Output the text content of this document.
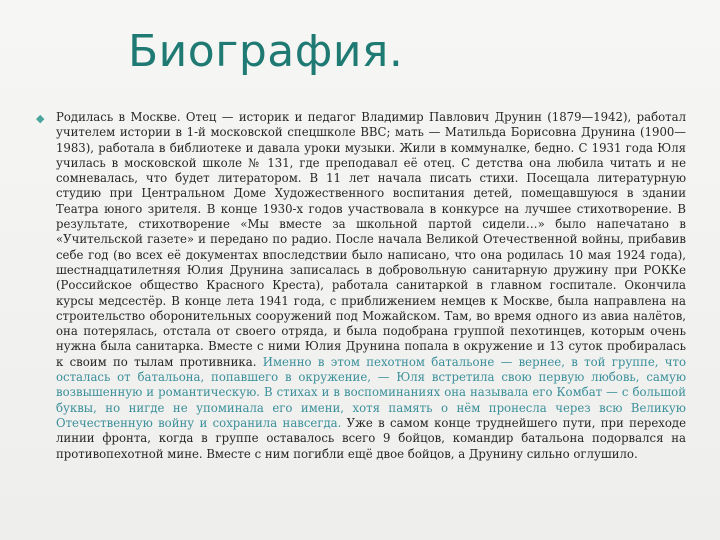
Биография.
◆ Родилась в Москве. Отец — историк и педагог Владимир Павлович Друнин (1879—1942), работал учителем истории в 1-й московской спецшколе ВВС; мать — Матильда Борисовна Друнина (1900—1983), работала в библиотеке и давала уроки музыки. Жили в коммуналке, бедно. С 1931 года Юля училась в московской школе № 131, где преподавал её отец. С детства она любила читать и не сомневалась, что будет литератором. В 11 лет начала писать стихи. Посещала литературную студию при Центральном Доме Художественного воспитания детей, помещавшуюся в здании Театра юного зрителя. В конце 1930-х годов участвовала в конкурсе на лучшее стихотворение. В результате, стихотворение «Мы вместе за школьной партой сидели…» было напечатано в «Учительской газете» и передано по радио. После начала Великой Отечественной войны, прибавив себе год (во всех её документах впоследствии было написано, что она родилась 10 мая 1924 года), шестнадцатилетняя Юлия Друнина записалась в добровольную санитарную дружину при РОККе (Российское общество Красного Креста), работала санитаркой в главном госпитале. Окончила курсы медсестёр. В конце лета 1941 года, с приближением немцев к Москве, была направлена на строительство оборонительных сооружений под Можайском. Там, во время одного из авиа налётов, она потерялась, отстала от своего отряда, и была подобрана группой пехотинцев, которым очень нужна была санитарка. Вместе с ними Юлия Друнина попала в окружение и 13 суток пробиралась к своим по тылам противника. Именно в этом пехотном батальоне — вернее, в той группе, что осталась от батальона, попавшего в окружение, — Юля встретила свою первую любовь, самую возвышенную и романтическую. В стихах и в воспоминаниях она называла его Комбат — с большой буквы, но нигде не упоминала его имени, хотя память о нём пронесла через всю Великую Отечественную войну и сохранила навсегда. Уже в самом конце труднейшего пути, при переходе линии фронта, когда в группе оставалось всего 9 бойцов, командир батальона подорвался на противопехотной мине. Вместе с ним погибли ещё двое бойцов, а Друнину сильно оглушило.
